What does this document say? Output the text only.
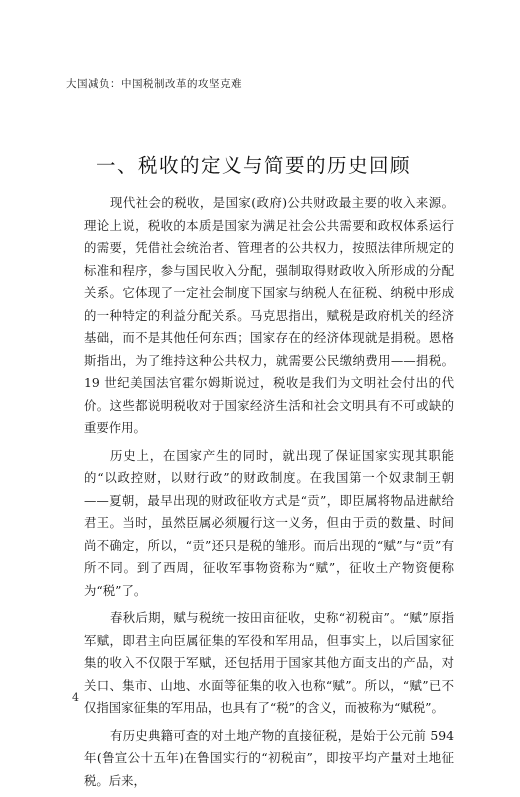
大国减负：中国税制改革的攻坚克难
一、税收的定义与简要的历史回顾

现代社会的税收，是国家(政府)公共财政最主要的收入来源。理论上说，税收的本质是国家为满足社会公共需要和政权体系运行的需要，凭借社会统治者、管理者的公共权力，按照法律所规定的标准和程序，参与国民收入分配，强制取得财政收入所形成的分配关系。它体现了一定社会制度下国家与纳税人在征税、纳税中形成的一种特定的利益分配关系。马克思指出，赋税是政府机关的经济基础，而不是其他任何东西；国家存在的经济体现就是捐税。恩格斯指出，为了维持这种公共权力，就需要公民缴纳费用——捐税。19 世纪美国法官霍尔姆斯说过，税收是我们为文明社会付出的代价。这些都说明税收对于国家经济生活和社会文明具有不可或缺的重要作用。

历史上，在国家产生的同时，就出现了保证国家实现其职能的“以政控财，以财行政”的财政制度。在我国第一个奴隶制王朝——夏朝，最早出现的财政征收方式是“贡”，即臣属将物品进献给君王。当时，虽然臣属必须履行这一义务，但由于贡的数量、时间尚不确定，所以，“贡”还只是税的雏形。而后出现的“赋”与“贡”有所不同。到了西周，征收军事物资称为“赋”，征收土产物资便称为“税”了。

春秋后期，赋与税统一按田亩征收，史称“初税亩”。“赋”原指军赋，即君主向臣属征集的军役和军用品，但事实上，以后国家征集的收入不仅限于军赋，还包括用于国家其他方面支出的产品，对关口、集市、山地、水面等征集的收入也称“赋”。所以，“赋”已不仅指国家征集的军用品，也具有了“税”的含义，而被称为“赋税”。

有历史典籍可查的对土地产物的直接征税，是始于公元前 594 年(鲁宣公十五年)在鲁国实行的“初税亩”，即按平均产量对土地征税。后来，

4
